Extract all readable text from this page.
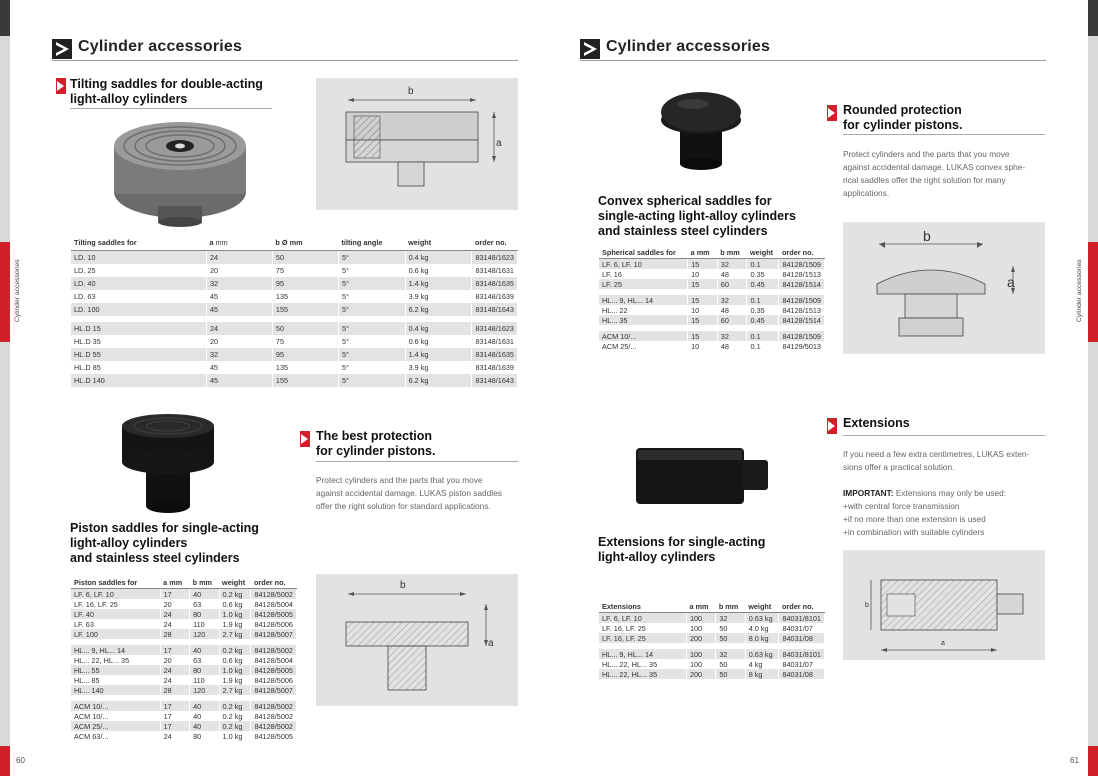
Cylinder accessories	Cylinder accessories
60	61
Cylinder accessories
Tilting saddles for double-acting
light-alloy cylinders
b
a
Tilting saddles for	a mm	b Ø mm	tilting angle	weight	order no.
LD. 10	24	50	5°	0.4 kg	83148/1623
LD. 25	20	75	5°	0.6 kg	83148/1631
LD. 40	32	95	5°	1.4 kg	83148/1635
LD. 63	45	135	5°	3.9 kg	83148/1639
LD. 100	45	155	5°	6.2 kg	83148/1643

HL.D 15	24	50	5°	0.4 kg	83148/1623
HL.D 35	20	75	5°	0.6 kg	83148/1631
HL.D 55	32	95	5°	1.4 kg	83148/1635
HL.D 85	45	135	5°	3.9 kg	83148/1639
HL.D 140	45	155	5°	6.2 kg	83148/1643
The best protection
for cylinder pistons.
Protect cylinders and the parts that you move
against accidental damage. LUKAS piston saddles
offer the right solution for standard applications.
Piston saddles for single-acting
light-alloy cylinders
and stainless steel cylinders
Piston saddles for	a mm	b mm	weight	order no.
LF. 6, LF. 10	17	40	0.2 kg	84128/5002
LF. 16, LF. 25	20	63	0.6 kg	84128/5004
LF. 40	24	80	1.0 kg	84128/5005
LF. 63	24	110	1.9 kg	84128/5006
LF. 100	28	120	2.7 kg	84128/5007

HL... 9, HL... 14	17	40	0.2 kg	84128/5002
HL... 22, HL... 35	20	63	0.6 kg	84128/5004
HL... 55	24	80	1.0 kg	84128/5005
HL... 85	24	110	1.9 kg	84128/5006
HL... 140	28	120	2.7 kg	84128/5007

ACM 10/...	17	40	0.2 kg	84128/5002
ACM 10/...	17	40	0.2 kg	84128/5002
ACM 25/...	17	40	0.2 kg	84128/5002
ACM 63/...	24	80	1.0 kg	84128/5005
b
a
Cylinder accessories
Convex spherical saddles for
single-acting light-alloy cylinders
and stainless steel cylinders
Spherical saddles for	a mm	b mm	weight	order no.
LF. 6, LF. 10	15	32	0.1	84128/1509
LF. 16	10	48	0.35	84128/1513
LF. 25	15	60	0.45	84128/1514

HL... 9, HL... 14	15	32	0.1	84128/1509
HL... 22	10	48	0.35	84128/1513
HL... 35	15	60	0.45	84128/1514

ACM 10/...	15	32	0.1	84128/1509
ACM 25/...	10	48	0.1	84129/5013
Rounded protection
for cylinder pistons.
Protect cylinders and the parts that you move
against accidental damage. LUKAS convex sphe-
rical saddles offer the right solution for many
applications.
b
a
Extensions
If you need a few extra centimetres, LUKAS exten-
sions offer a practical solution.
IMPORTANT: Extensions may only be used:
+with central force transmission
+if no more than one extension is used
+in combination with suitable cylinders
b
a
Extensions for single-acting
light-alloy cylinders
Extensions	a mm	b mm	weight	order no.
LF. 6, LF. 10	100	32	0.63 kg	84031/8101
LF. 16, LF. 25	100	50	4.0 kg	84031/07
LF. 16, LF. 25	200	50	8.0 kg	84031/08

HL... 9, HL... 14	100	32	0.63 kg	84031/8101
HL... 22, HL... 35	100	50	4 kg	84031/07
HL... 22, HL... 35	200	50	8 kg	84031/08
